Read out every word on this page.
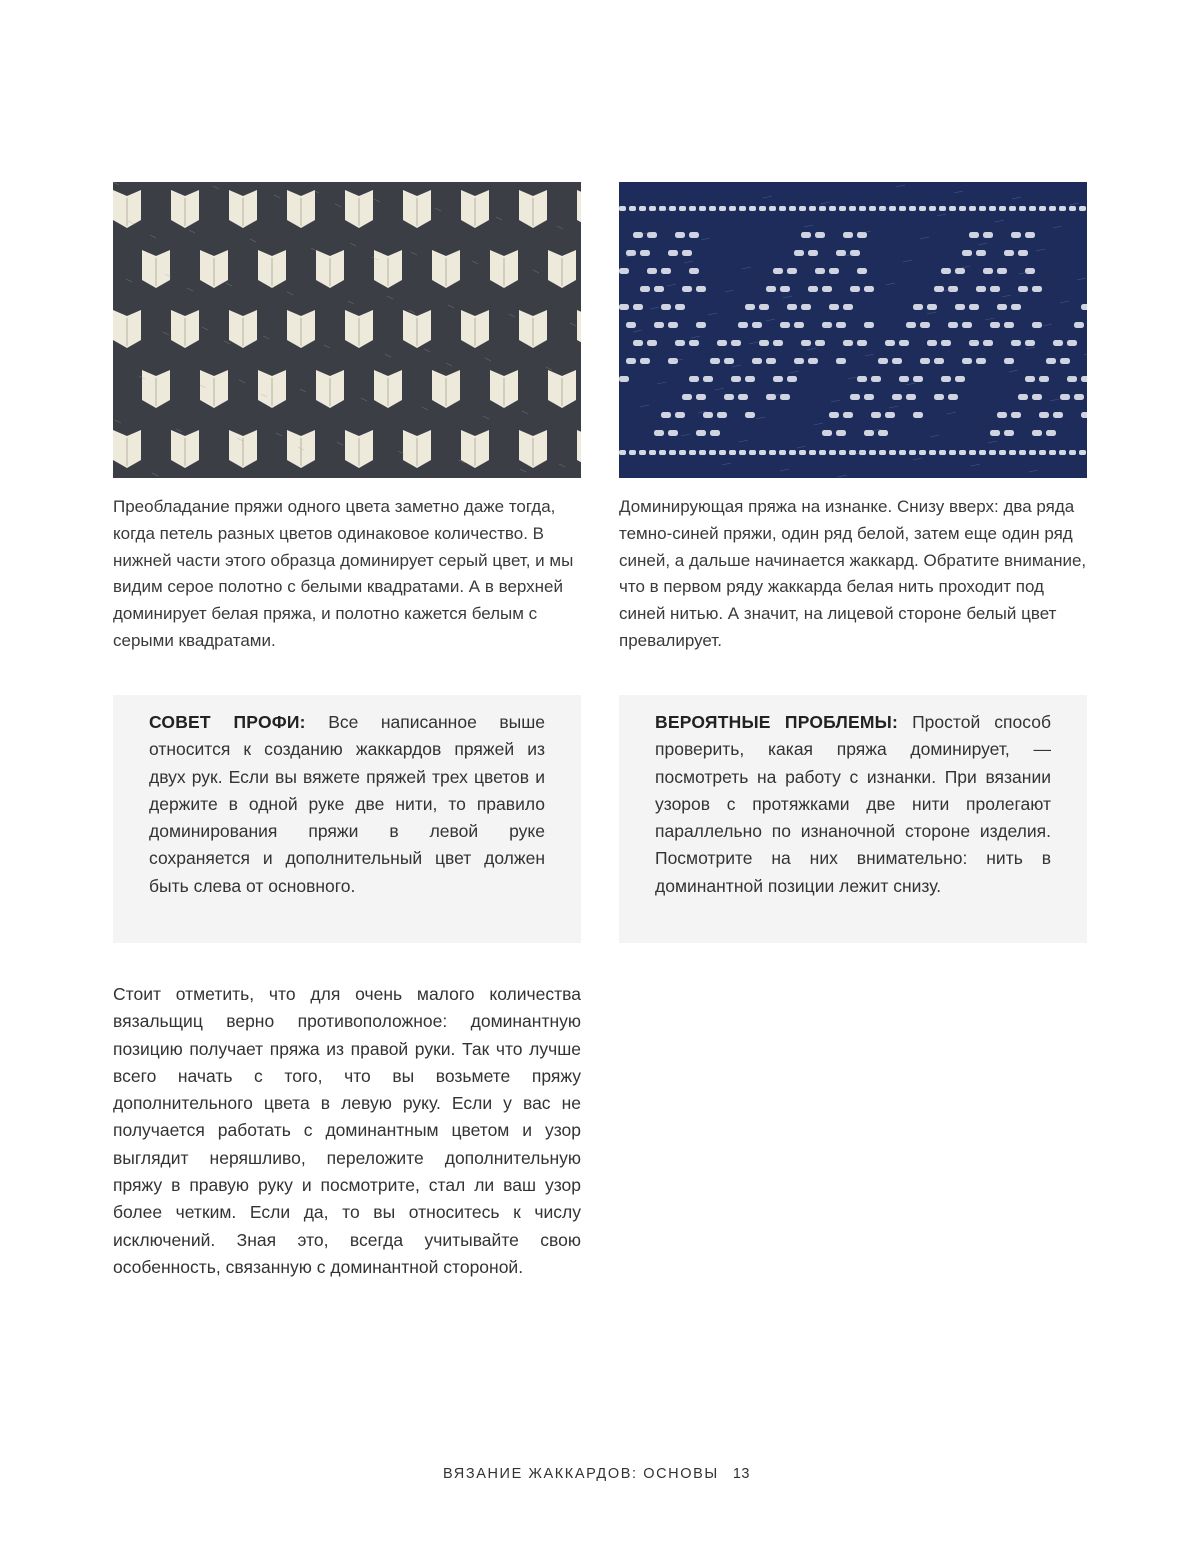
Преобладание пряжи одного цвета заметно даже тогда, когда петель разных цветов одинаковое количество. В нижней части этого образца доминирует серый цвет, и мы видим серое полотно с белыми квадратами. А в верхней доминирует белая пряжа, и полотно кажется белым с серыми квадратами.
Доминирующая пряжа на изнанке. Снизу вверх: два ряда темно-синей пряжи, один ряд белой, затем еще один ряд синей, а дальше начинается жаккард. Обратите внимание, что в первом ряду жаккарда белая нить проходит под синей нитью. А значит, на лицевой стороне белый цвет превалирует.
СОВЕТ ПРОФИ: Все написанное выше относится к созданию жаккардов пряжей из двух рук. Если вы вяжете пряжей трех цветов и держите в одной руке две нити, то правило доминирования пряжи в левой руке сохраняется и дополнительный цвет должен быть слева от основного.
ВЕРОЯТНЫЕ ПРОБЛЕМЫ: Простой способ проверить, какая пряжа доминирует, — посмотреть на работу с изнанки. При вязании узоров с протяжками две нити пролегают параллельно по изнаночной стороне изделия. Посмотрите на них внимательно: нить в доминантной позиции лежит снизу.
Стоит отметить, что для очень малого количества вязальщиц верно противоположное: доминантную позицию получает пряжа из правой руки. Так что лучше всего начать с того, что вы возьмете пряжу дополнительного цвета в левую руку. Если у вас не получается работать с доминантным цветом и узор выглядит неряшливо, переложите дополнительную пряжу в правую руку и посмотрите, стал ли ваш узор более четким. Если да, то вы относитесь к числу исключений. Зная это, всегда учитывайте свою особенность, связанную с доминантной стороной.
ВЯЗАНИЕ ЖАККАРДОВ: ОСНОВЫ 13
